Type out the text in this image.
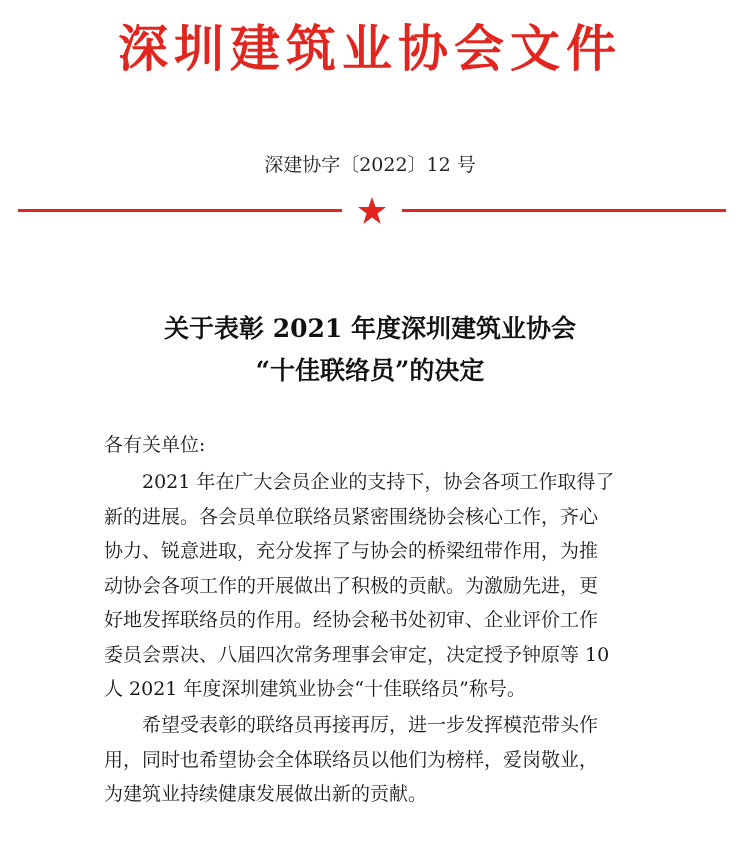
深圳建筑业协会文件
深建协字〔2022〕12 号
关于表彰 2021 年度深圳建筑业协会
“十佳联络员”的决定
各有关单位:
2021 年在广大会员企业的支持下，协会各项工作取得了
新的进展。各会员单位联络员紧密围绕协会核心工作，齐心
协力、锐意进取，充分发挥了与协会的桥梁纽带作用，为推
动协会各项工作的开展做出了积极的贡献。为激励先进，更
好地发挥联络员的作用。经协会秘书处初审、企业评价工作
委员会票决、八届四次常务理事会审定，决定授予钟原等 10
人 2021 年度深圳建筑业协会“十佳联络员”称号。
希望受表彰的联络员再接再厉，进一步发挥模范带头作
用，同时也希望协会全体联络员以他们为榜样，爱岗敬业，
为建筑业持续健康发展做出新的贡献。
